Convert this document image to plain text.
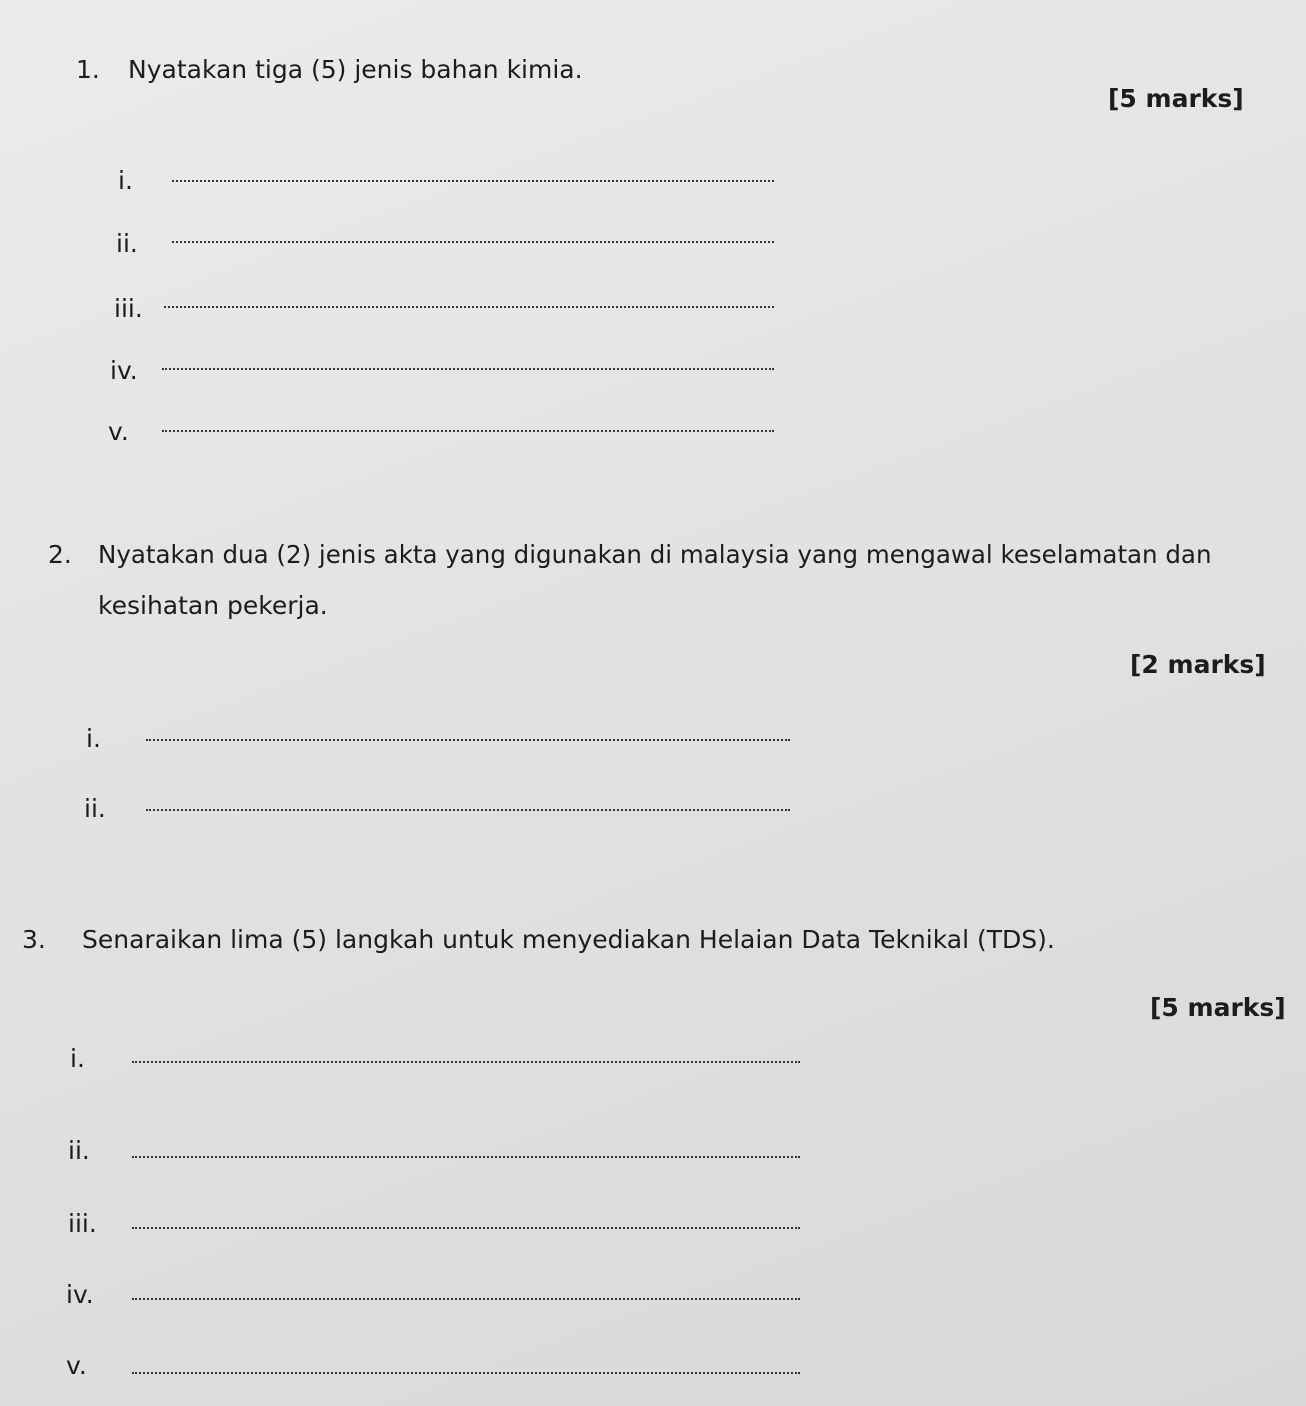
1. Nyatakan tiga (5) jenis bahan kimia.
[5 marks]
i.
ii.
iii.
iv.
v.
2. Nyatakan dua (2) jenis akta yang digunakan di malaysia yang mengawal keselamatan dan
kesihatan pekerja.
[2 marks]
i.
ii.
3. Senaraikan lima (5) langkah untuk menyediakan Helaian Data Teknikal (TDS).
[5 marks]
i.
ii.
iii.
iv.
v.
